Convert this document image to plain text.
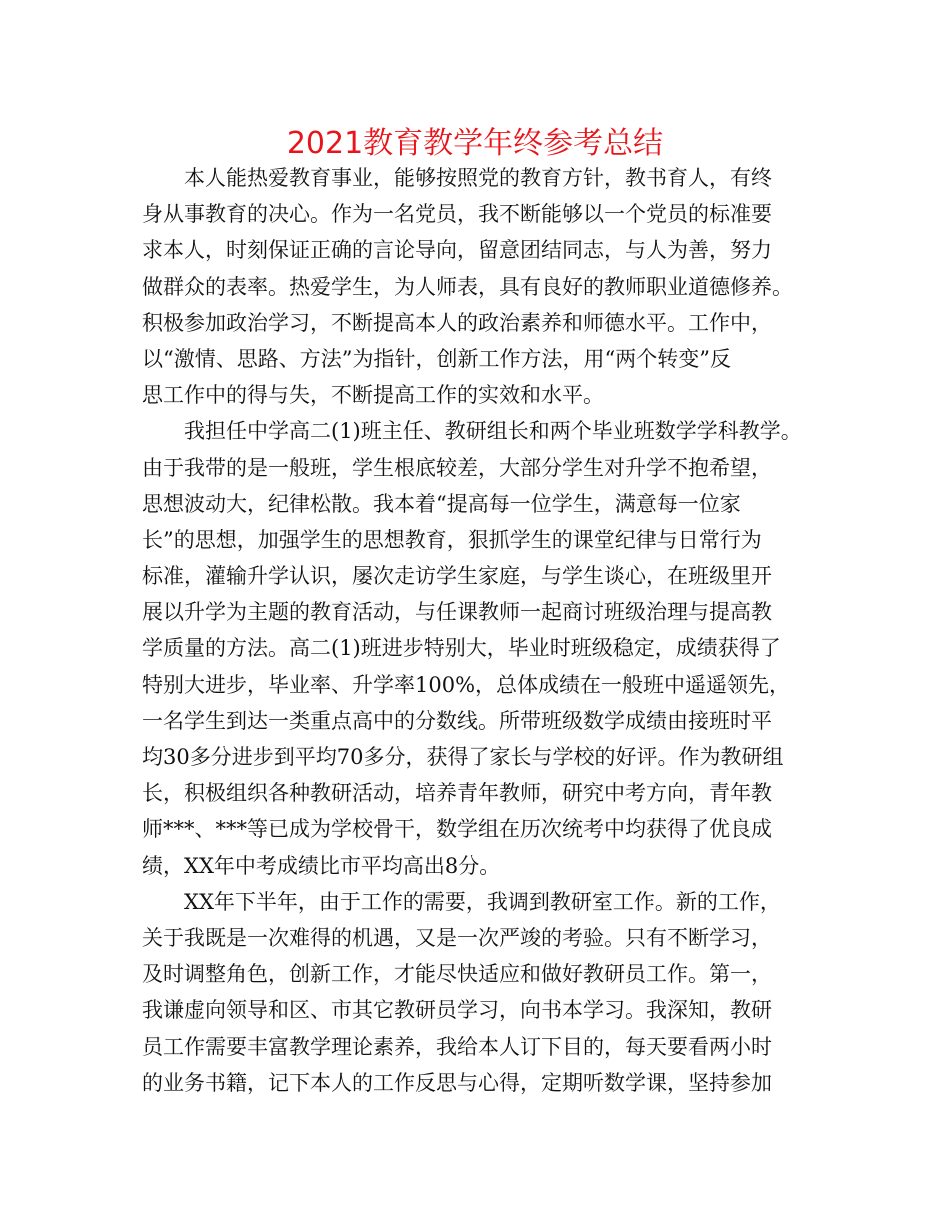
2021教育教学年终参考总结
本人能热爱教育事业，能够按照党的教育方针，教书育人，有终
身从事教育的决心。作为一名党员，我不断能够以一个党员的标准要
求本人，时刻保证正确的言论导向，留意团结同志，与人为善，努力
做群众的表率。热爱学生，为人师表，具有良好的教师职业道德修养。
积极参加政治学习，不断提高本人的政治素养和师德水平。工作中，
以“激情、思路、方法”为指针，创新工作方法，用“两个转变”反
思工作中的得与失，不断提高工作的实效和水平。
我担任中学高二(1)班主任、教研组长和两个毕业班数学学科教学。
由于我带的是一般班，学生根底较差，大部分学生对升学不抱希望，
思想波动大，纪律松散。我本着“提高每一位学生，满意每一位家
长”的思想，加强学生的思想教育，狠抓学生的课堂纪律与日常行为
标准，灌输升学认识，屡次走访学生家庭，与学生谈心，在班级里开
展以升学为主题的教育活动，与任课教师一起商讨班级治理与提高教
学质量的方法。高二(1)班进步特别大，毕业时班级稳定，成绩获得了
特别大进步，毕业率、升学率100%，总体成绩在一般班中遥遥领先，
一名学生到达一类重点高中的分数线。所带班级数学成绩由接班时平
均30多分进步到平均70多分，获得了家长与学校的好评。作为教研组
长，积极组织各种教研活动，培养青年教师，研究中考方向，青年教
师***、***等已成为学校骨干，数学组在历次统考中均获得了优良成
绩，XX年中考成绩比市平均高出8分。
XX年下半年，由于工作的需要，我调到教研室工作。新的工作，
关于我既是一次难得的机遇，又是一次严竣的考验。只有不断学习，
及时调整角色，创新工作，才能尽快适应和做好教研员工作。第一，
我谦虚向领导和区、市其它教研员学习，向书本学习。我深知，教研
员工作需要丰富教学理论素养，我给本人订下目的，每天要看两小时
的业务书籍，记下本人的工作反思与心得，定期听数学课，坚持参加
